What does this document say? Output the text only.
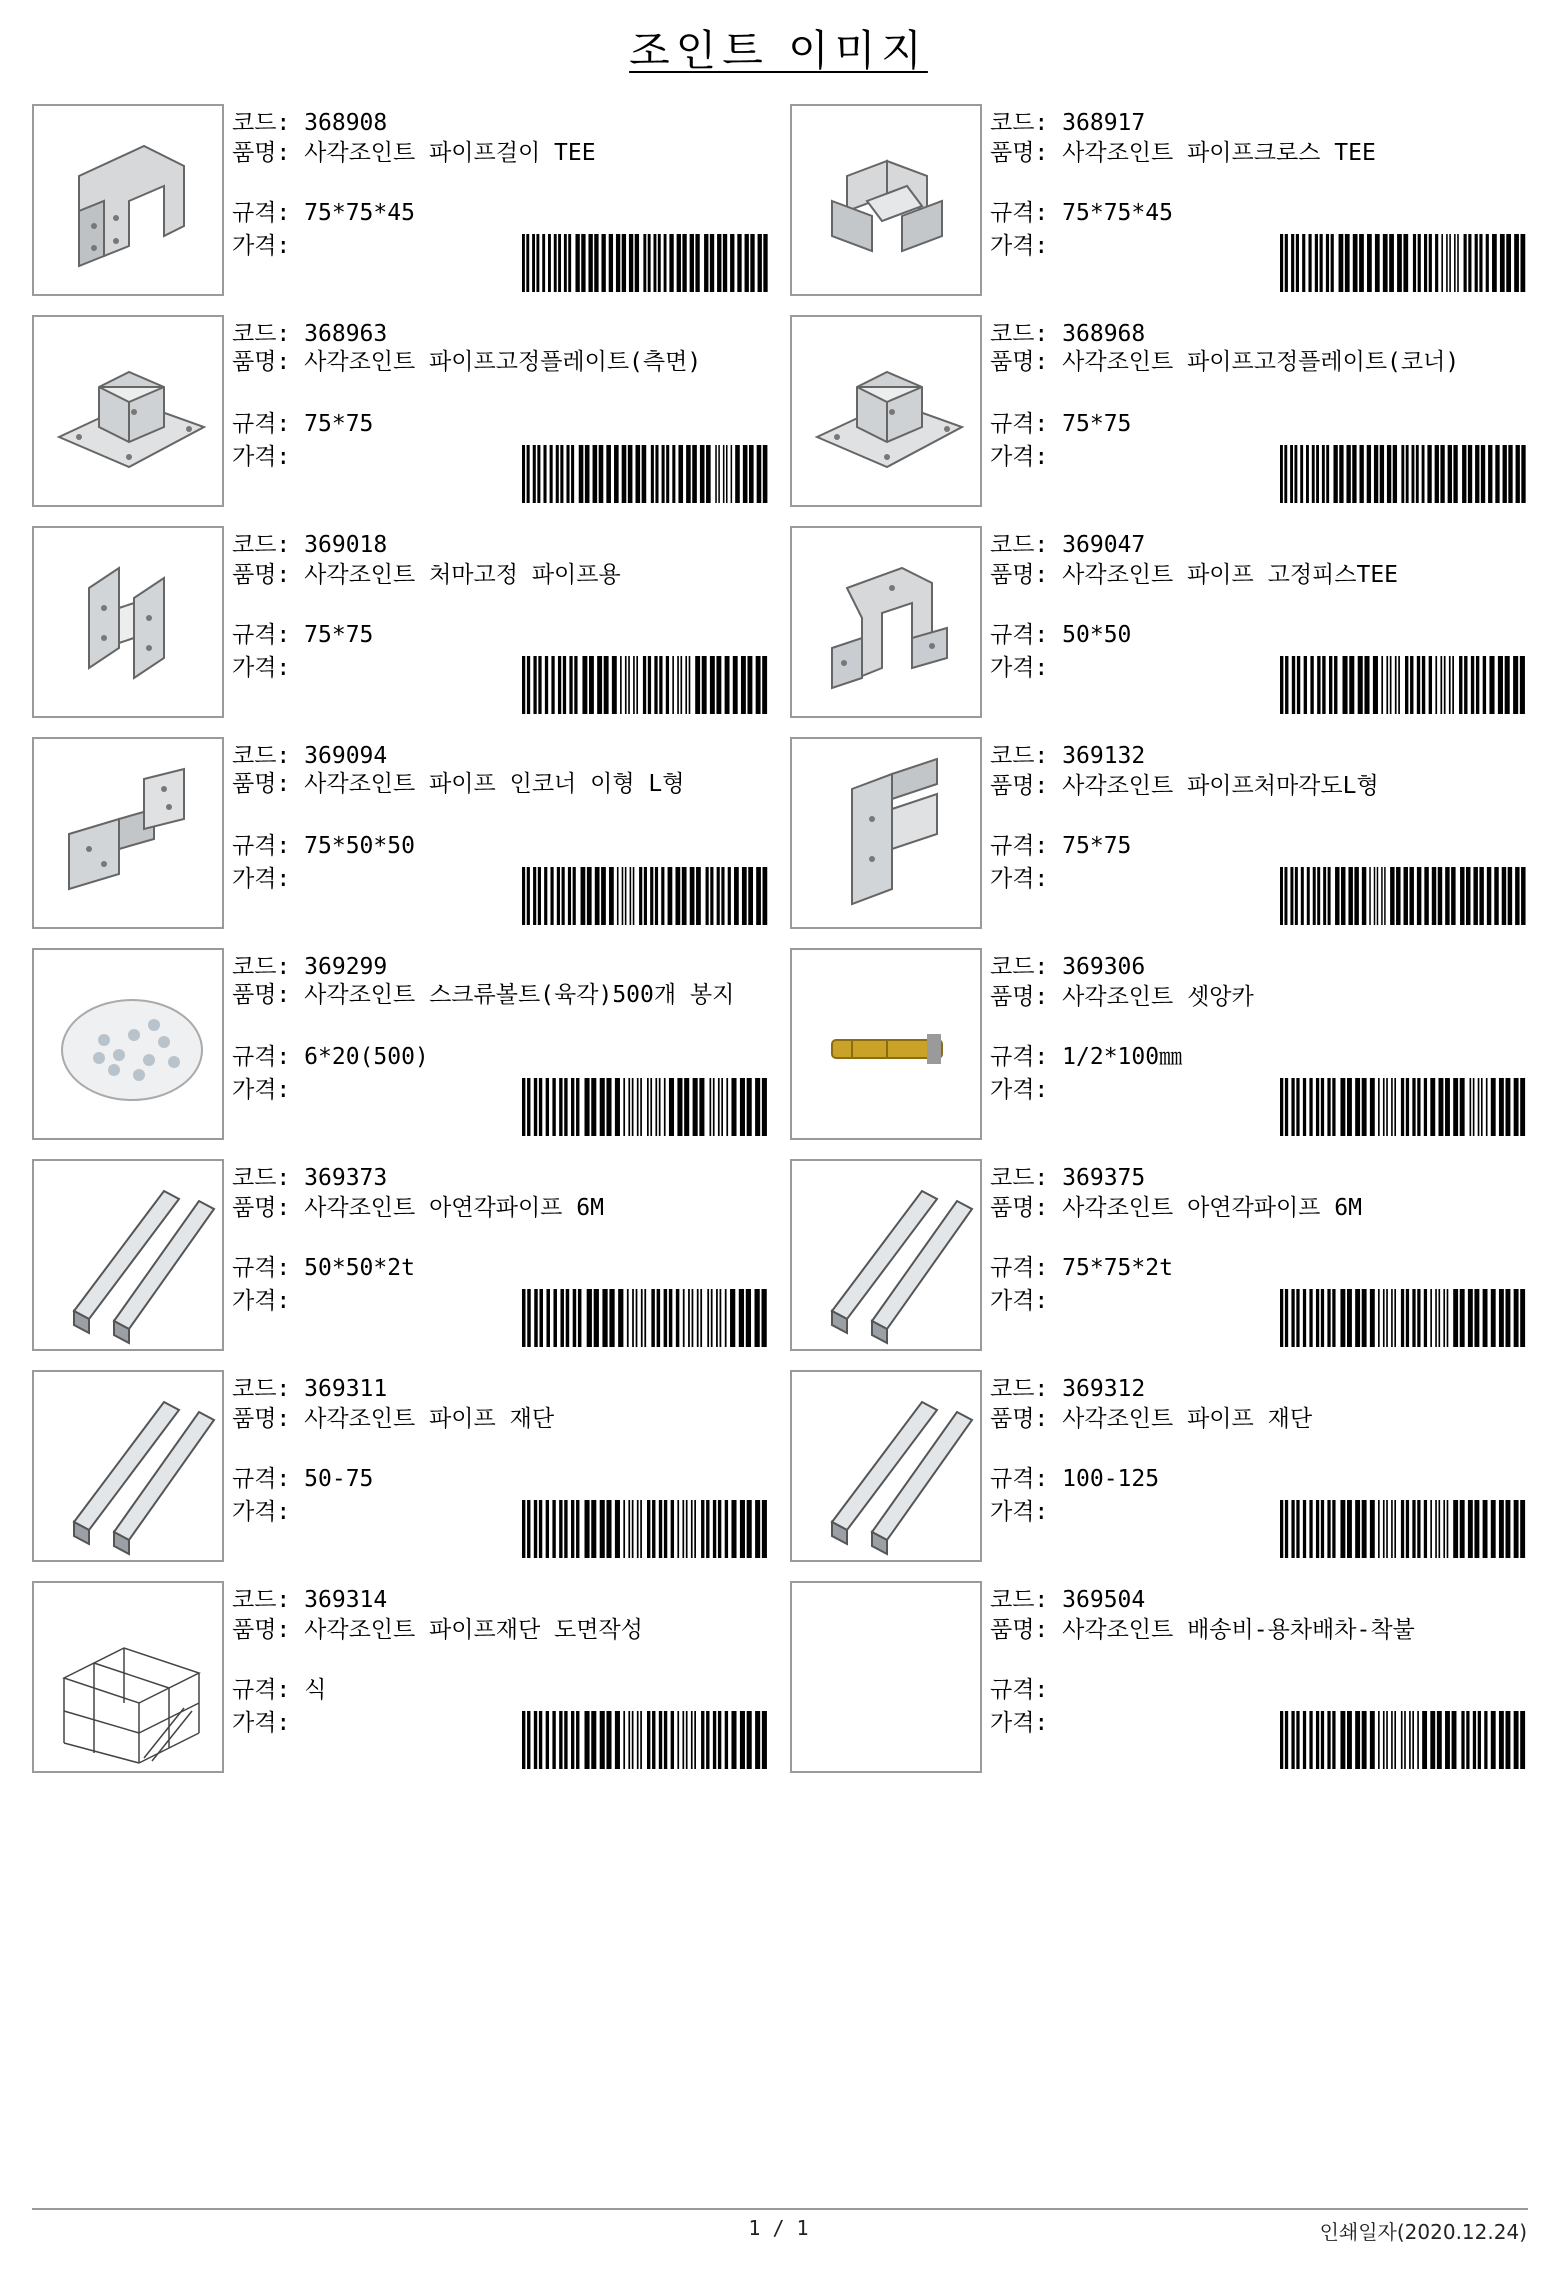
조인트 이미지
코드: 368908
품명: 사각조인트 파이프걸이 TEE
규격: 75*75*45
가격:
코드: 368917
품명: 사각조인트 파이프크로스 TEE
규격: 75*75*45
가격:
코드: 368963
품명: 사각조인트 파이프고정플레이트(측면)
규격: 75*75
가격:
코드: 368968
품명: 사각조인트 파이프고정플레이트(코너)
규격: 75*75
가격:
코드: 369018
품명: 사각조인트 처마고정 파이프용
규격: 75*75
가격:
코드: 369047
품명: 사각조인트 파이프 고정피스TEE
규격: 50*50
가격:
코드: 369094
품명: 사각조인트 파이프 인코너 이형 L형
규격: 75*50*50
가격:
코드: 369132
품명: 사각조인트 파이프처마각도L형
규격: 75*75
가격:
코드: 369299
품명: 사각조인트 스크류볼트(육각)500개 봉지
규격: 6*20(500)
가격:
코드: 369306
품명: 사각조인트 셋앙카
규격: 1/2*100㎜
가격:
코드: 369373
품명: 사각조인트 아연각파이프 6M
규격: 50*50*2t
가격:
코드: 369375
품명: 사각조인트 아연각파이프 6M
규격: 75*75*2t
가격:
코드: 369311
품명: 사각조인트 파이프 재단
규격: 50-75
가격:
코드: 369312
품명: 사각조인트 파이프 재단
규격: 100-125
가격:
코드: 369314
품명: 사각조인트 파이프재단 도면작성
규격: 식
가격:
코드: 369504
품명: 사각조인트 배송비-용차배차-착불
규격:
가격:
1 / 1	인쇄일자(2020.12.24)
